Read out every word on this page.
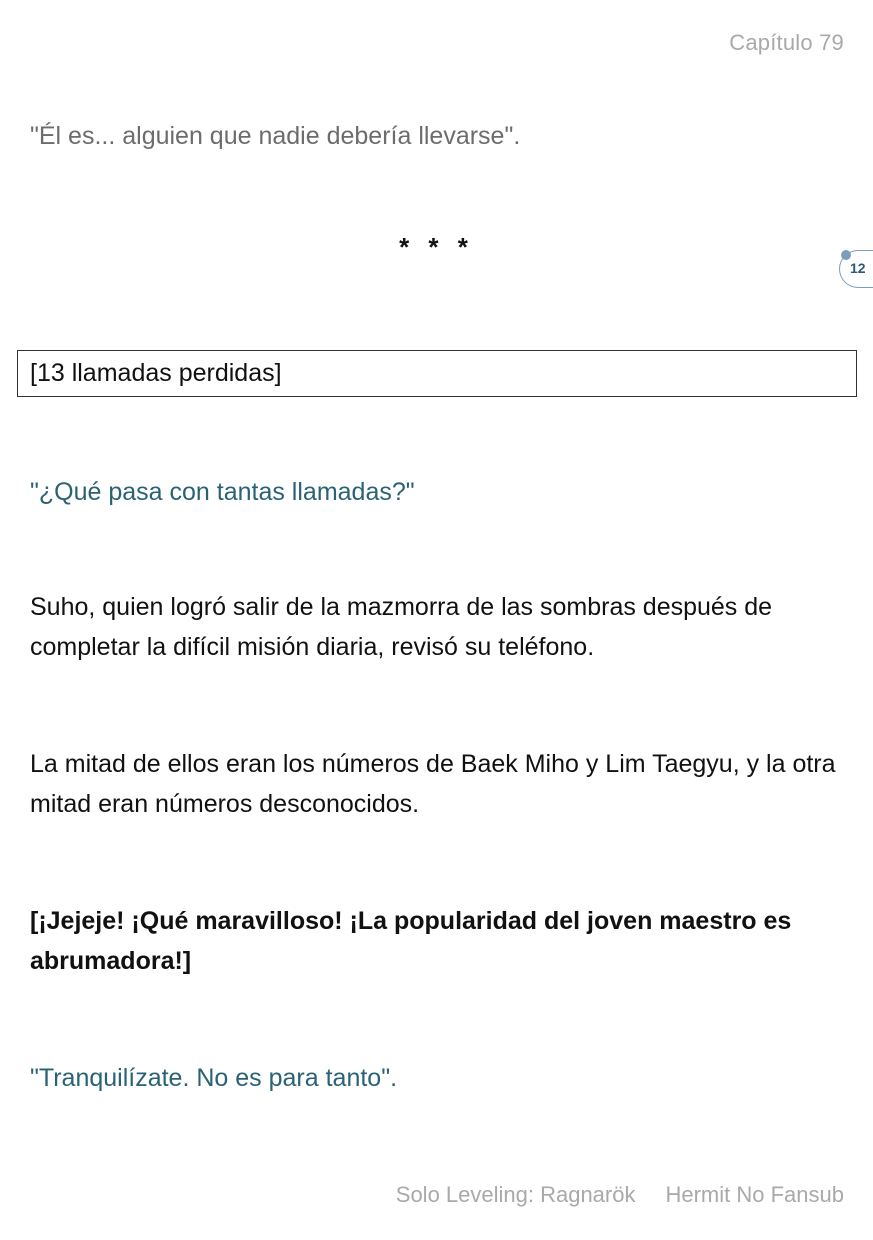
Capítulo 79

"Él es... alguien que nadie debería llevarse".

* * *
12
[13 llamadas perdidas]

"¿Qué pasa con tantas llamadas?"

Suho, quien logró salir de la mazmorra de las sombras después de completar la difícil misión diaria, revisó su teléfono.

La mitad de ellos eran los números de Baek Miho y Lim Taegyu, y la otra mitad eran números desconocidos.

[¡Jejeje! ¡Qué maravilloso! ¡La popularidad del joven maestro es abrumadora!]

"Tranquilízate. No es para tanto".

Solo Leveling: Ragnarök Hermit No Fansub
